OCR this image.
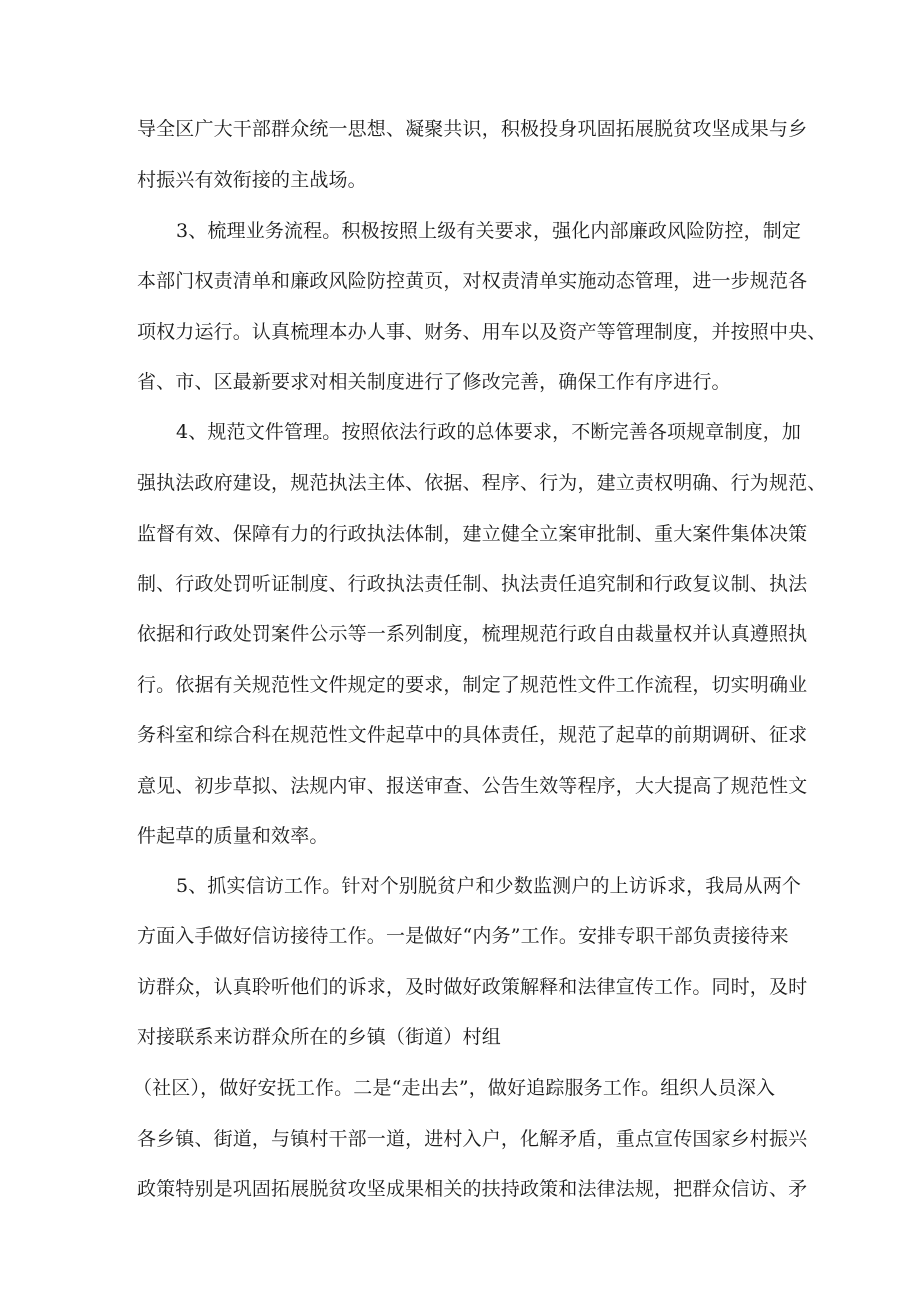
导全区广大干部群众统一思想、凝聚共识，积极投身巩固拓展脱贫攻坚成果与乡

村振兴有效衔接的主战场。

3、梳理业务流程。积极按照上级有关要求，强化内部廉政风险防控，制定

本部门权责清单和廉政风险防控黄页，对权责清单实施动态管理，进一步规范各

项权力运行。认真梳理本办人事、财务、用车以及资产等管理制度，并按照中央、

省、市、区最新要求对相关制度进行了修改完善，确保工作有序进行。

4、规范文件管理。按照依法行政的总体要求，不断完善各项规章制度，加

强执法政府建设，规范执法主体、依据、程序、行为，建立责权明确、行为规范、

监督有效、保障有力的行政执法体制，建立健全立案审批制、重大案件集体决策

制、行政处罚听证制度、行政执法责任制、执法责任追究制和行政复议制、执法

依据和行政处罚案件公示等一系列制度，梳理规范行政自由裁量权并认真遵照执

行。依据有关规范性文件规定的要求，制定了规范性文件工作流程，切实明确业

务科室和综合科在规范性文件起草中的具体责任，规范了起草的前期调研、征求

意见、初步草拟、法规内审、报送审查、公告生效等程序，大大提高了规范性文

件起草的质量和效率。

5、抓实信访工作。针对个别脱贫户和少数监测户的上访诉求，我局从两个

方面入手做好信访接待工作。一是做好“内务”工作。安排专职干部负责接待来

访群众，认真聆听他们的诉求，及时做好政策解释和法律宣传工作。同时，及时

对接联系来访群众所在的乡镇（街道）村组

（社区），做好安抚工作。二是“走出去”，做好追踪服务工作。组织人员深入

各乡镇、街道，与镇村干部一道，进村入户，化解矛盾，重点宣传国家乡村振兴

政策特别是巩固拓展脱贫攻坚成果相关的扶持政策和法律法规，把群众信访、矛
